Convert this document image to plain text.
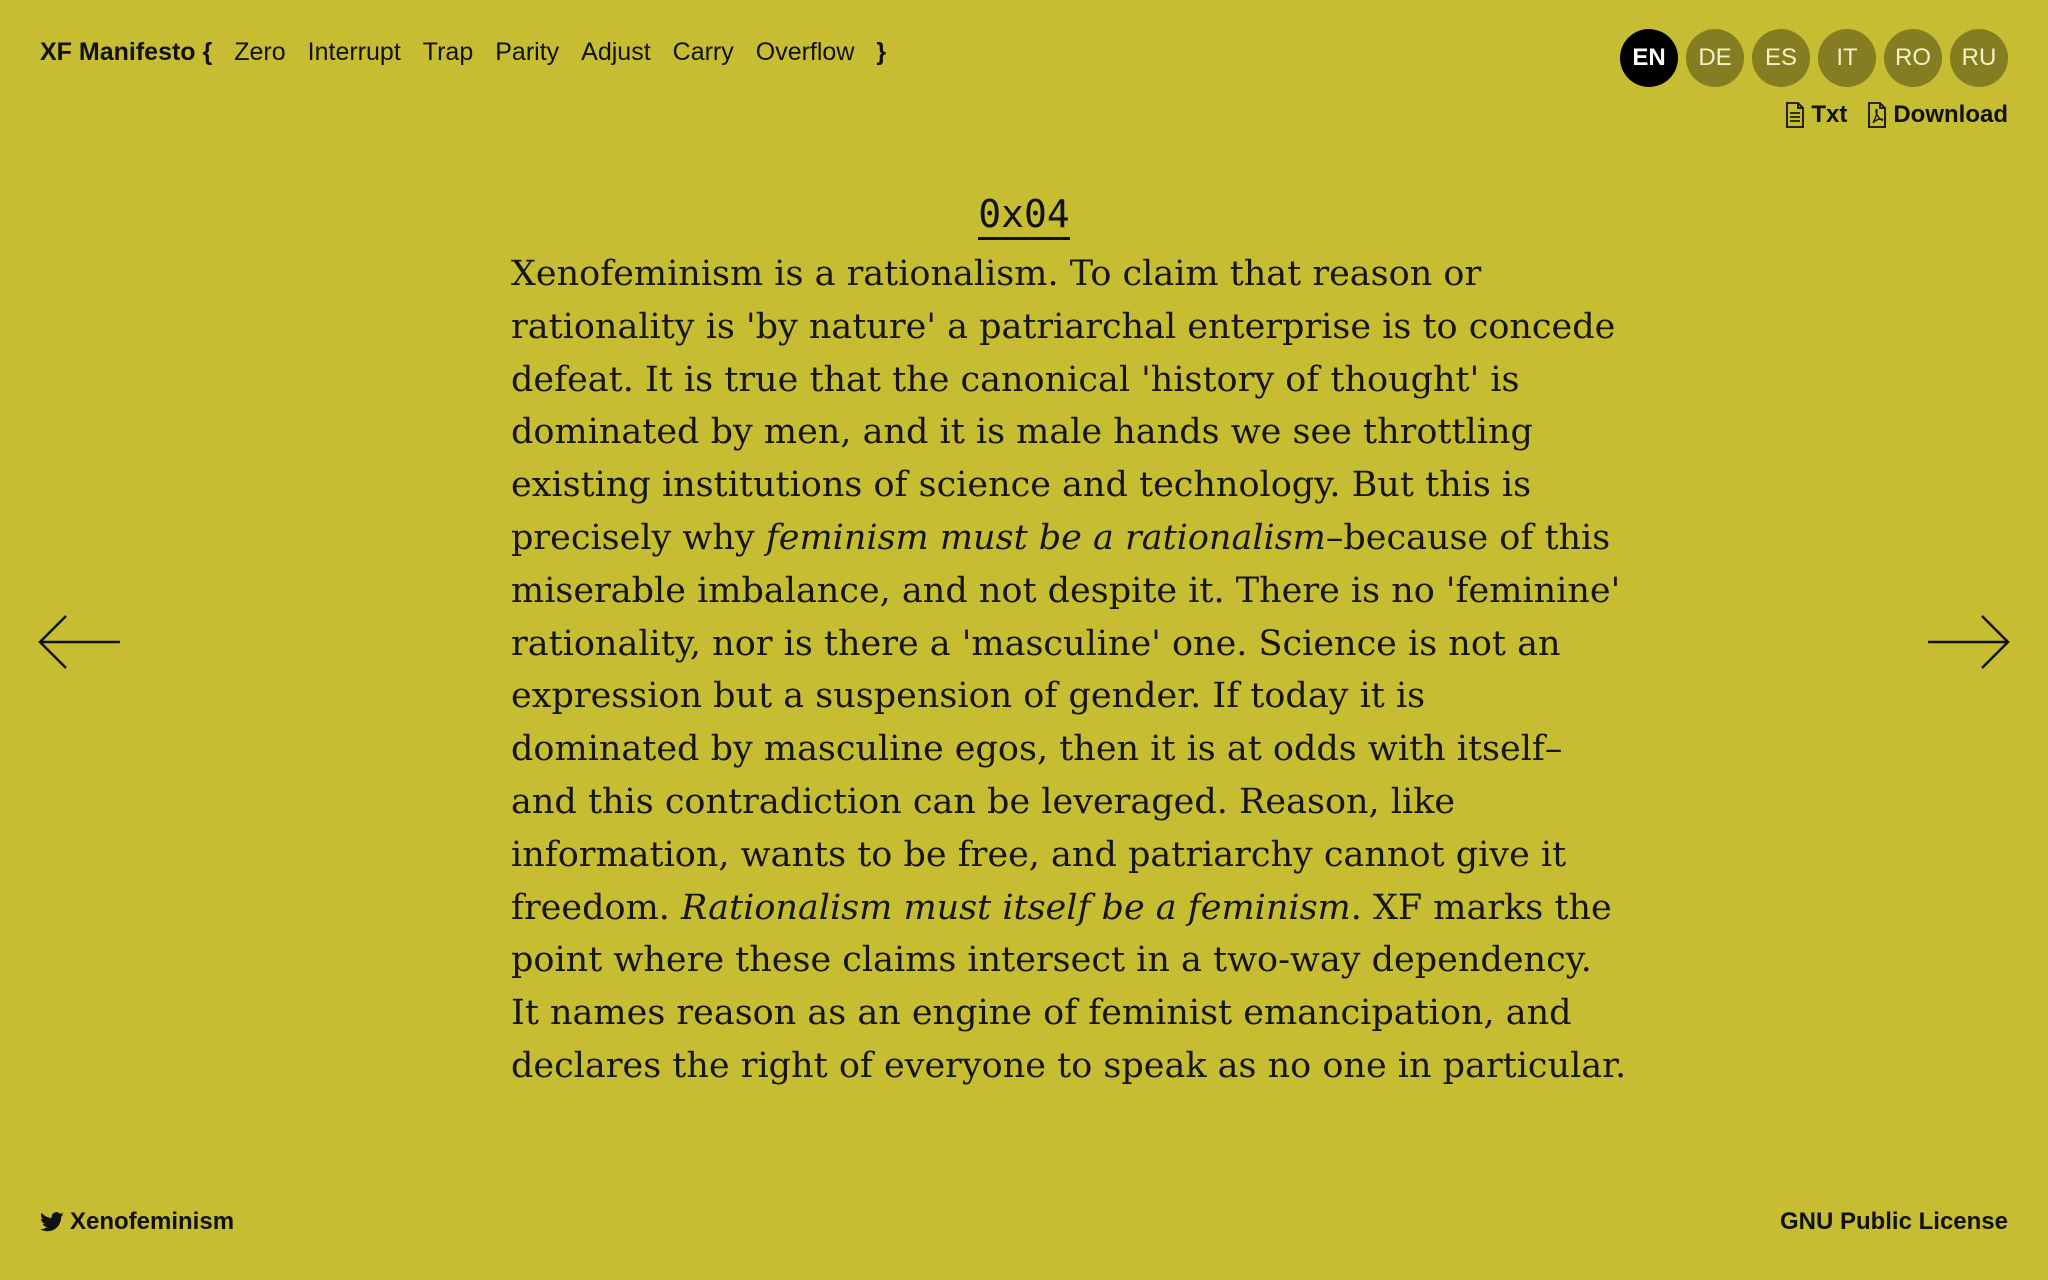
XF Manifesto { Zero Interrupt Trap Parity Adjust Carry Overflow }	EN	DE	ES	IT	RO	RU
Txt Download
0x04
Xenofeminism is a rationalism. To claim that reason or
rationality is 'by nature' a patriarchal enterprise is to concede
defeat. It is true that the canonical 'history of thought' is
dominated by men, and it is male hands we see throttling
existing institutions of science and technology. But this is
precisely why feminism must be a rationalism–because of this
miserable imbalance, and not despite it. There is no 'feminine'
rationality, nor is there a 'masculine' one. Science is not an
expression but a suspension of gender. If today it is
dominated by masculine egos, then it is at odds with itself–
and this contradiction can be leveraged. Reason, like
information, wants to be free, and patriarchy cannot give it
freedom. Rationalism must itself be a feminism. XF marks the
point where these claims intersect in a two-way dependency.
It names reason as an engine of feminist emancipation, and
declares the right of everyone to speak as no one in particular.
Xenofeminism	GNU Public License
